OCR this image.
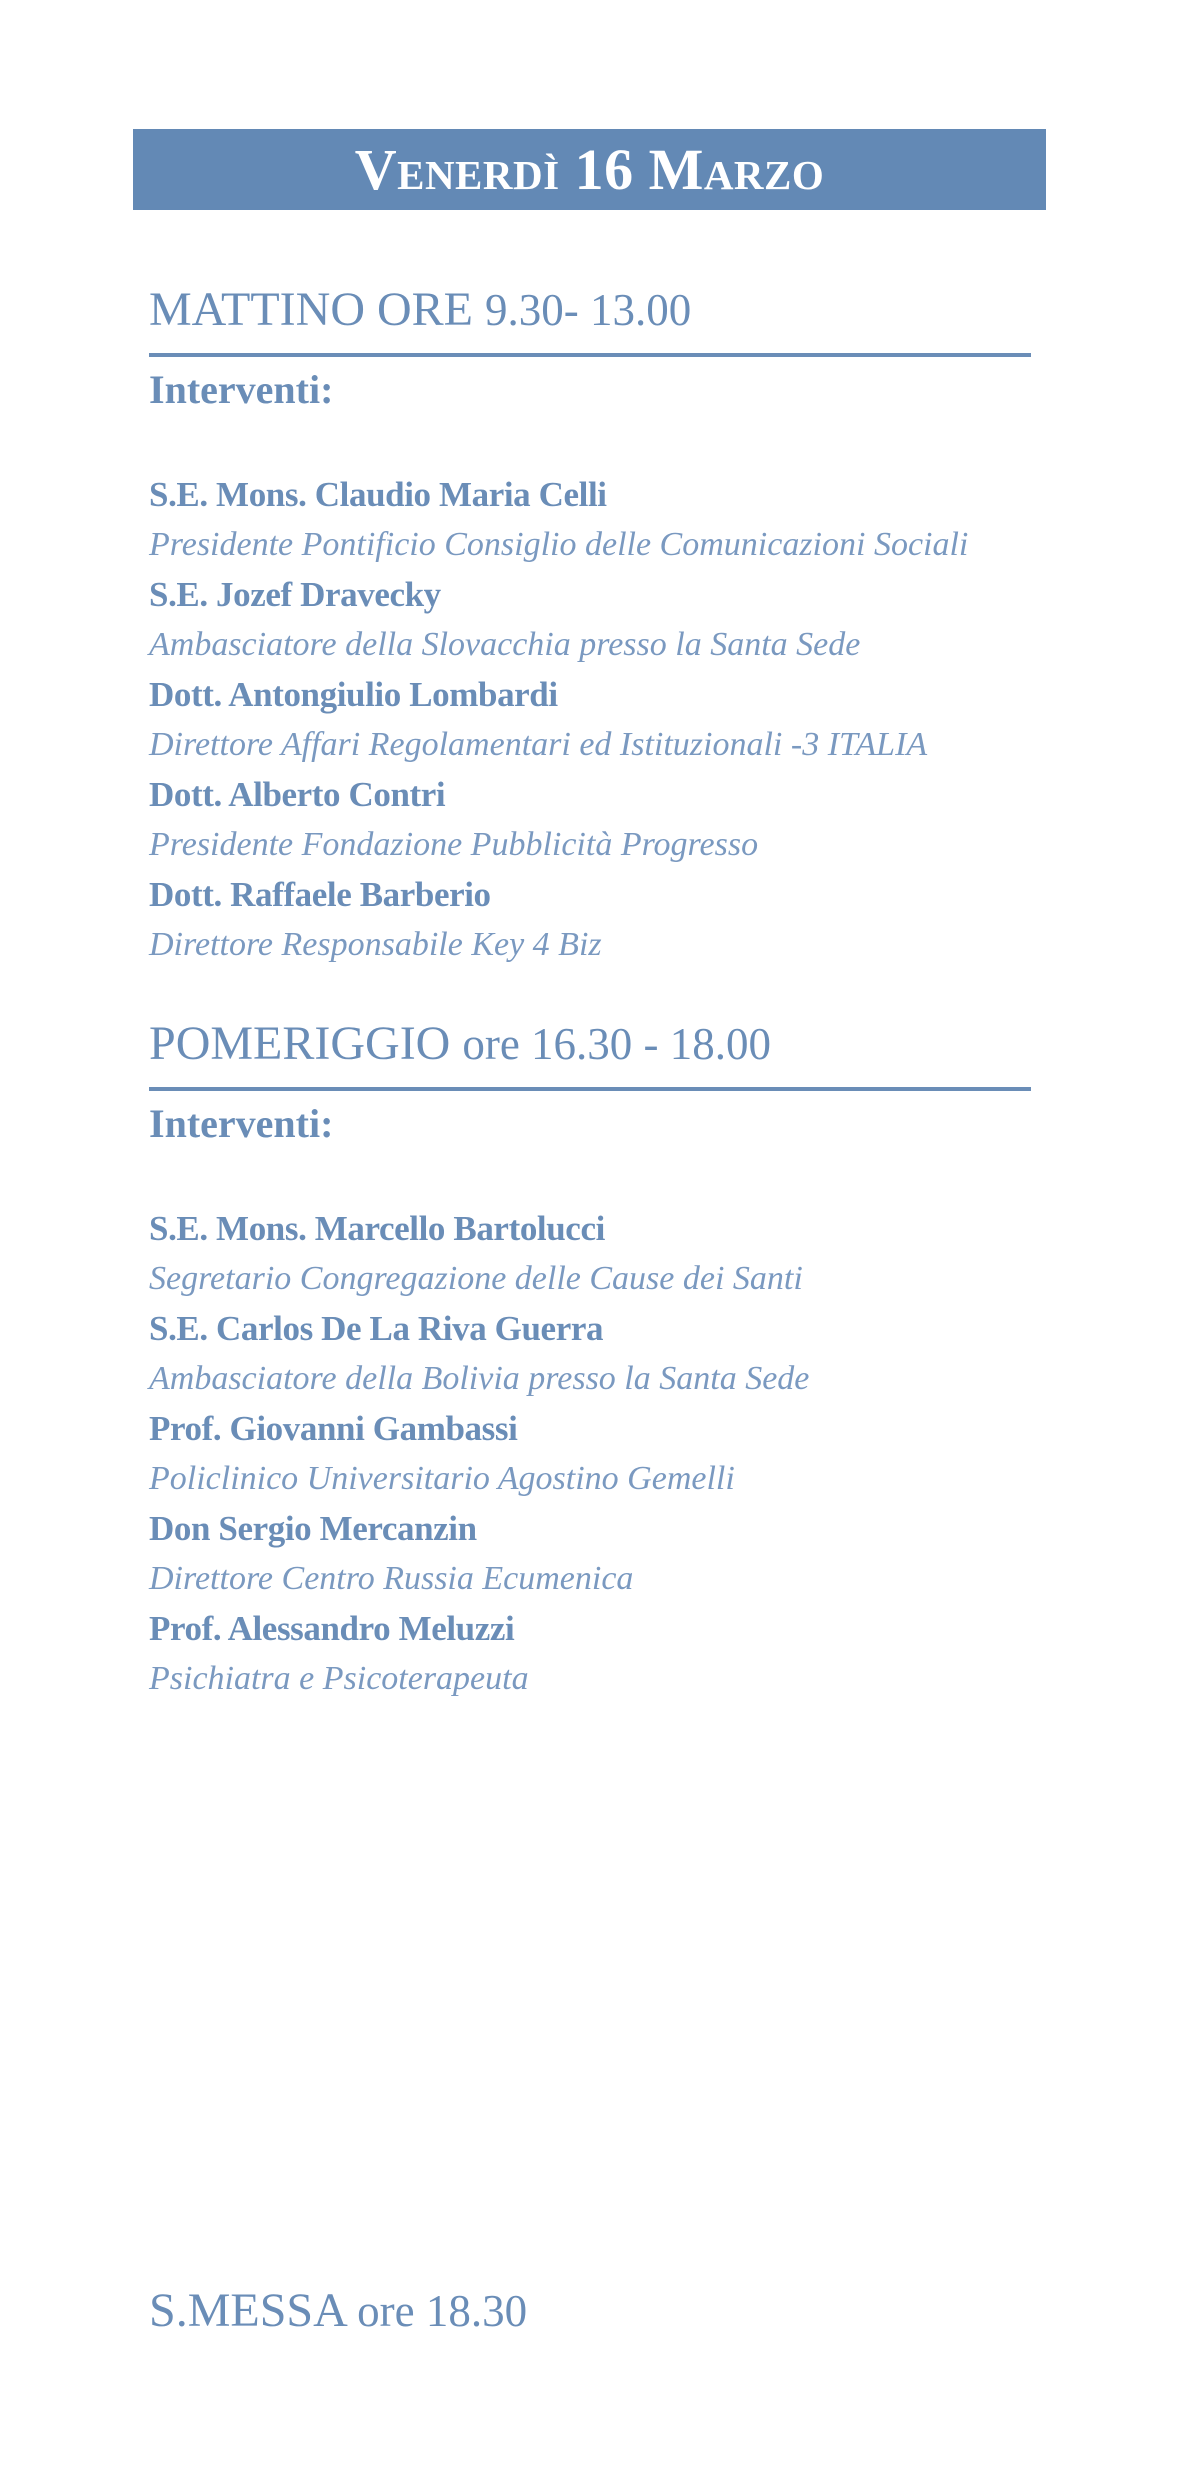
Venerdì 16 Marzo
MATTINO ORE 9.30- 13.00
Interventi:
S.E. Mons. Claudio Maria Celli
Presidente Pontificio Consiglio delle Comunicazioni Sociali
S.E. Jozef Dravecky
Ambasciatore della Slovacchia presso la Santa Sede
Dott. Antongiulio Lombardi
Direttore Affari Regolamentari ed Istituzionali -3 ITALIA
Dott. Alberto Contri
Presidente Fondazione Pubblicità Progresso
Dott. Raffaele Barberio
Direttore Responsabile Key 4 Biz
POMERIGGIO ore 16.30 - 18.00
Interventi:
S.E. Mons. Marcello Bartolucci
Segretario Congregazione delle Cause dei Santi
S.E. Carlos De La Riva Guerra
Ambasciatore della Bolivia presso la Santa Sede
Prof. Giovanni Gambassi
Policlinico Universitario Agostino Gemelli
Don Sergio Mercanzin
Direttore Centro Russia Ecumenica
Prof. Alessandro Meluzzi
Psichiatra e Psicoterapeuta
S.MESSA ore 18.30
